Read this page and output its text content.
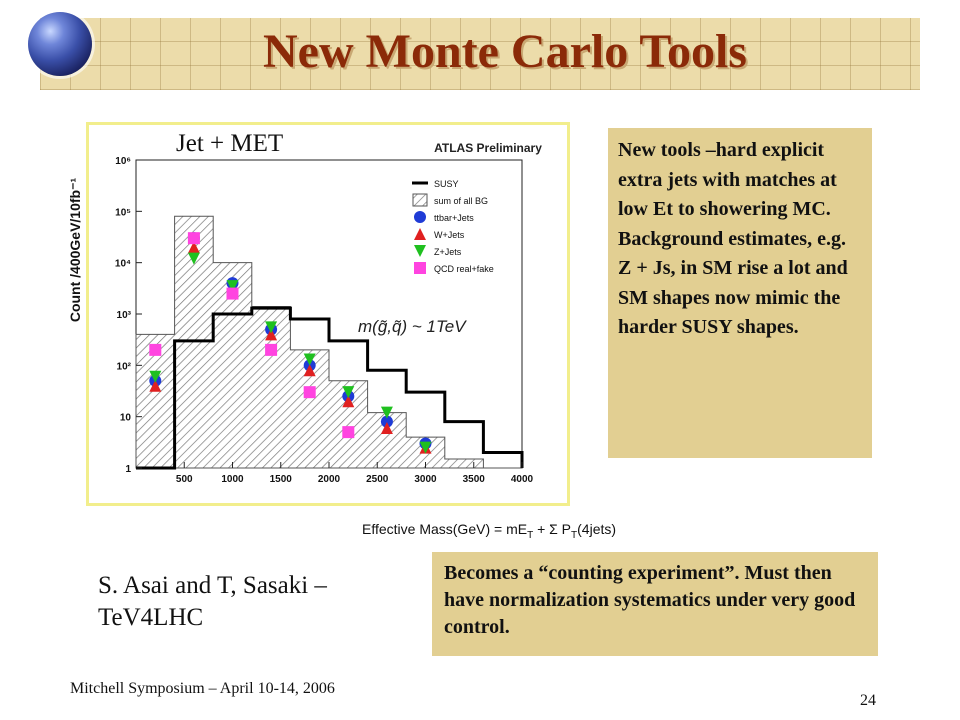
New Monte Carlo Tools
500	1000	1500	2000	2500	3000	3500	4000
1
10
10²
10³
10⁴
10⁵
10⁶
Count /400GeV/10fb⁻¹
ATLAS Preliminary
SUSY
sum of all BG
ttbar+Jets
W+Jets
Z+Jets
QCD real+fake
m(g̃,q̃) ~ 1TeV
Effective Mass(GeV) = $mE_T + \Sigma$ $P_T(4jets)$
Jet + MET	New tools –hard explicit extra jets with matches at low Et to showering MC. Background estimates, e.g. Z + Js, in SM rise a lot and SM shapes now mimic the harder SUSY shapes.
S. Asai and T, Sasaki – TeV4LHC
Becomes a “counting experiment”. Must then have normalization systematics under very good control.
Mitchell Symposium – April 10-14, 2006
24
